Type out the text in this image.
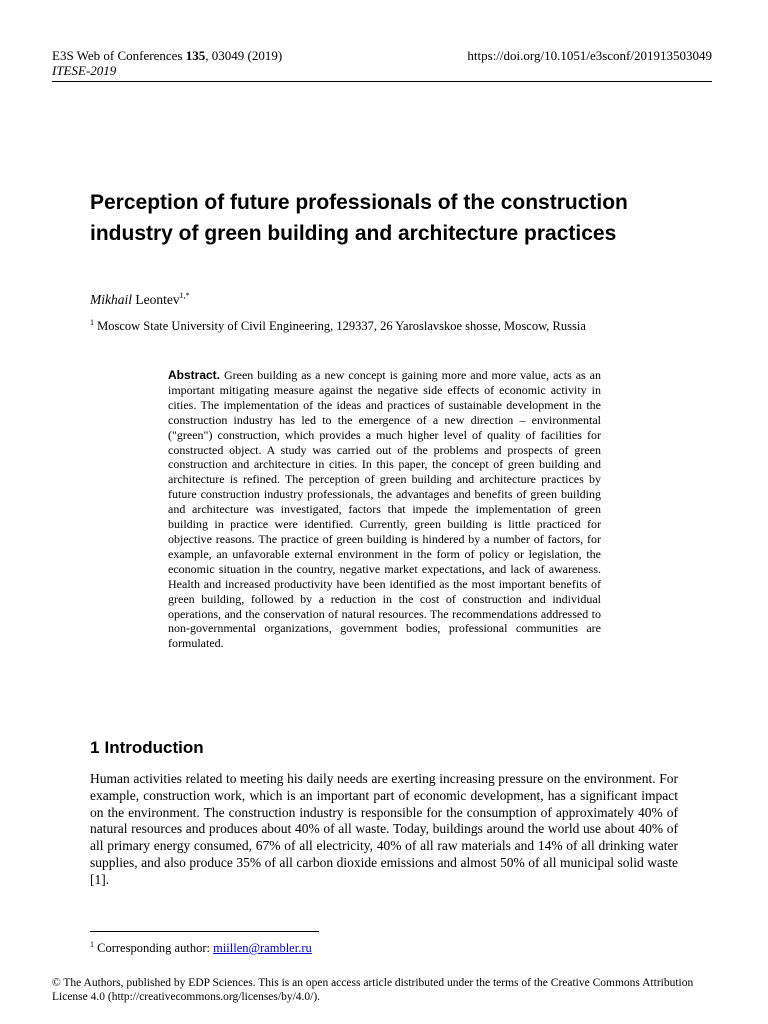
E3S Web of Conferences 135, 03049 (2019)
ITESE-2019
https://doi.org/10.1051/e3sconf/201913503049
Perception of future professionals of the construction industry of green building and architecture practices
Mikhail Leontev$^{1,*}$
$^1$ Moscow State University of Civil Engineering, 129337, 26 Yaroslavskoe shosse, Moscow, Russia

Abstract. Green building as a new concept is gaining more and more value, acts as an important mitigating measure against the negative side effects of economic activity in cities. The implementation of the ideas and practices of sustainable development in the construction industry has led to the emergence of a new direction – environmental ("green") construction, which provides a much higher level of quality of facilities for constructed object. A study was carried out of the problems and prospects of green construction and architecture in cities. In this paper, the concept of green building and architecture is refined. The perception of green building and architecture practices by future construction industry professionals, the advantages and benefits of green building and architecture was investigated, factors that impede the implementation of green building in practice were identified. Currently, green building is little practiced for objective reasons. The practice of green building is hindered by a number of factors, for example, an unfavorable external environment in the form of policy or legislation, the economic situation in the country, negative market expectations, and lack of awareness. Health and increased productivity have been identified as the most important benefits of green building, followed by a reduction in the cost of construction and individual operations, and the conservation of natural resources. The recommendations addressed to non-governmental organizations, government bodies, professional communities are formulated.

1 Introduction

Human activities related to meeting his daily needs are exerting increasing pressure on the environment. For example, construction work, which is an important part of economic development, has a significant impact on the environment. The construction industry is responsible for the consumption of approximately 40% of natural resources and produces about 40% of all waste. Today, buildings around the world use about 40% of all primary energy consumed, 67% of all electricity, 40% of all raw materials and 14% of all drinking water supplies, and also produce 35% of all carbon dioxide emissions and almost 50% of all municipal solid waste [1].

$^1$ Corresponding author: miillen@rambler.ru

© The Authors, published by EDP Sciences. This is an open access article distributed under the terms of the Creative Commons Attribution License 4.0 (http://creativecommons.org/licenses/by/4.0/).
